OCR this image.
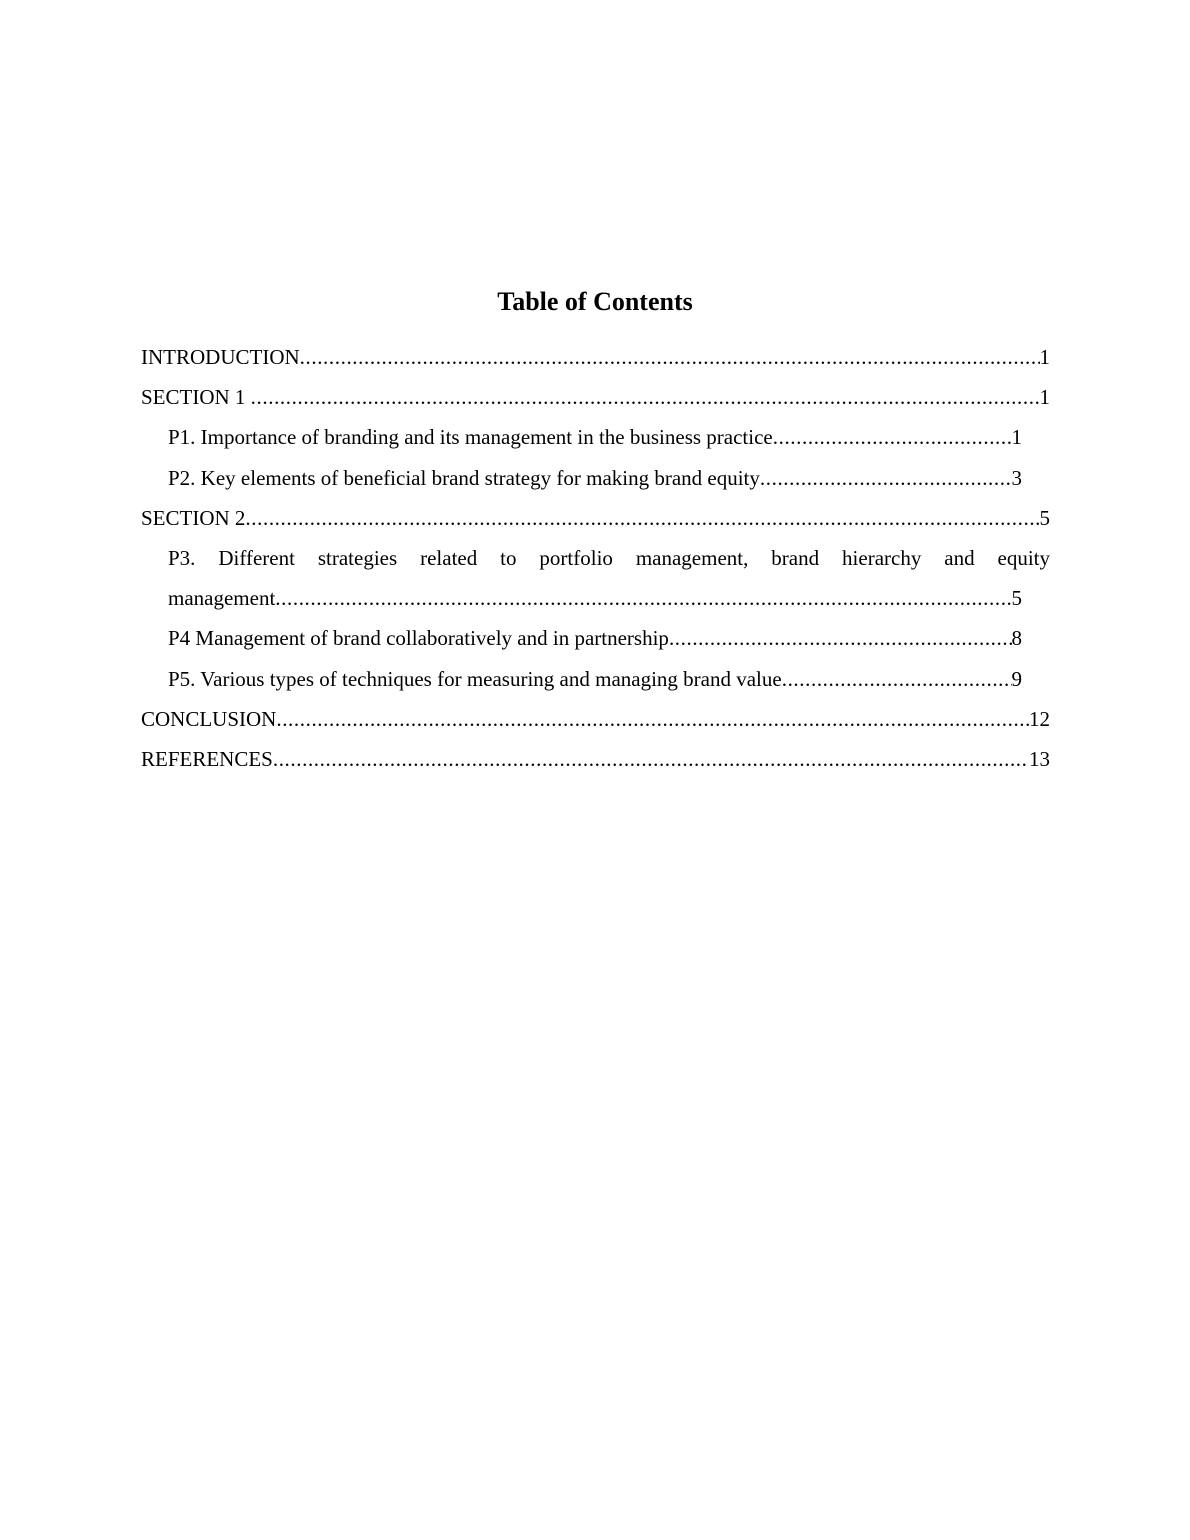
Table of Contents
INTRODUCTION .....	1
SECTION 1 .....	1
P1. Importance of branding and its management in the business practice .....	1
P2. Key elements of beneficial brand strategy for making brand equity .....	3
SECTION 2 .....	5
P3. Different strategies related to portfolio management, brand hierarchy and equity
management .....	5
P4 Management of brand collaboratively and in partnership .....	8
P5. Various types of techniques for measuring and managing brand value .....	9
CONCLUSION .....	12
REFERENCES .....	13
